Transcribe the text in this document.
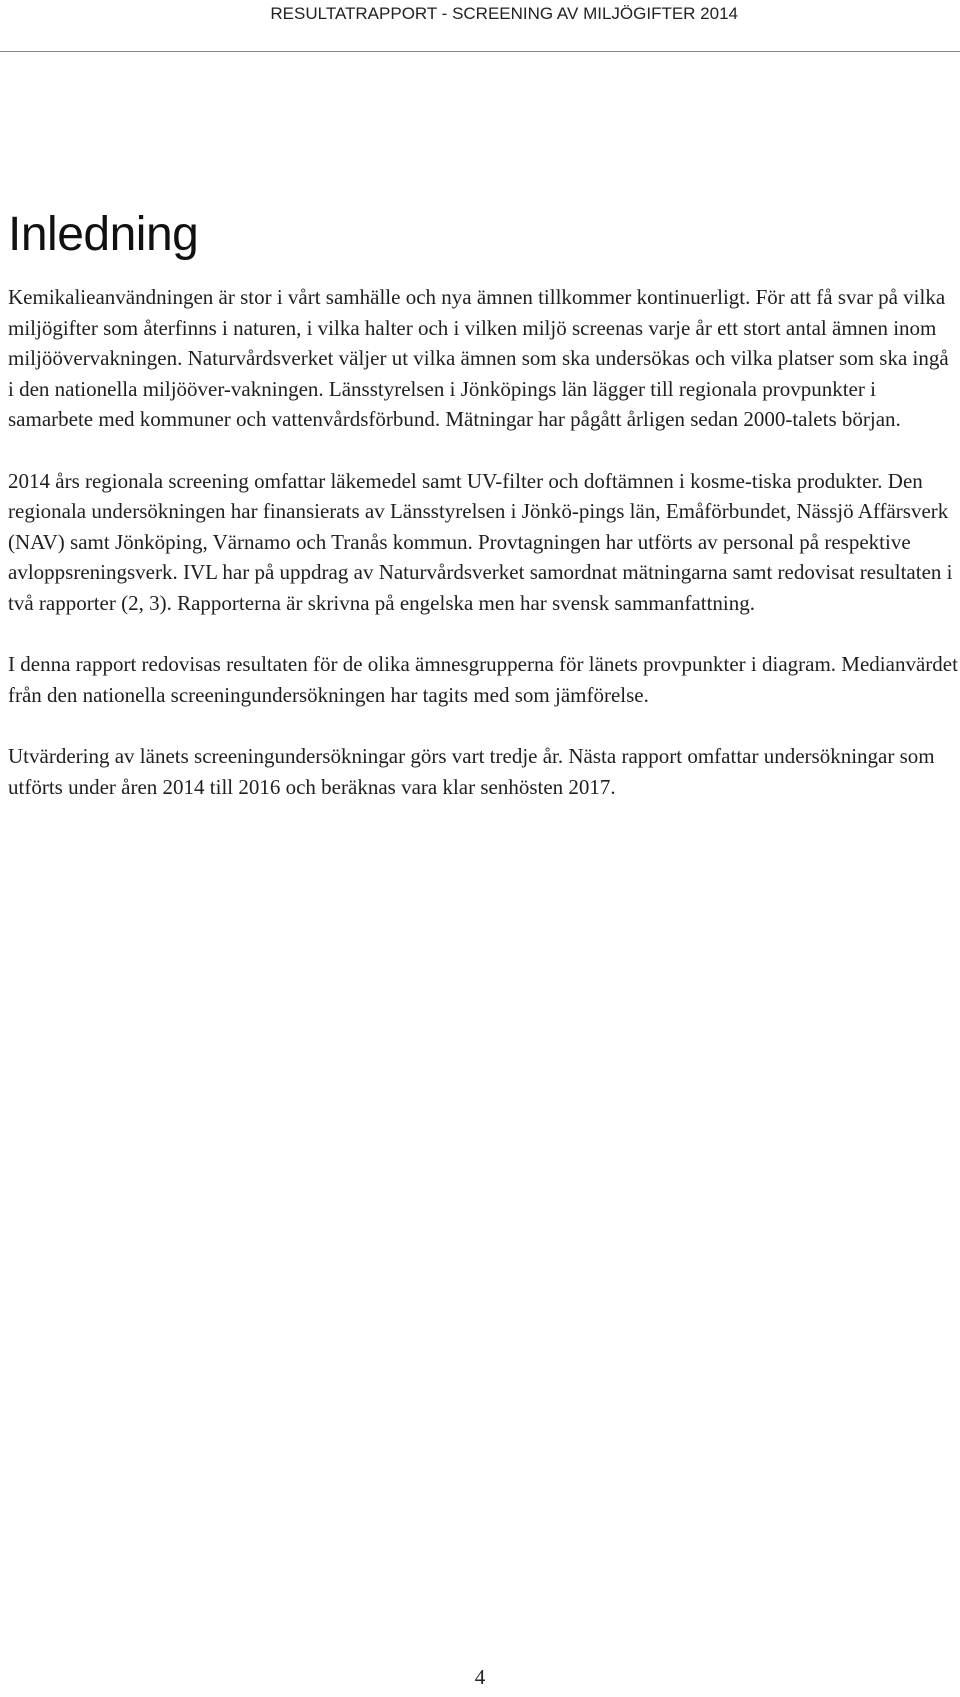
RESULTATRAPPORT - SCREENING AV MILJÖGIFTER 2014
Inledning

Kemikalieanvändningen är stor i vårt samhälle och nya ämnen tillkommer kontinuerligt. För att få svar på vilka miljögifter som återfinns i naturen, i vilka halter och i vilken miljö screenas varje år ett stort antal ämnen inom miljöövervakningen. Naturvårdsverket väljer ut vilka ämnen som ska undersökas och vilka platser som ska ingå i den nationella miljööver-vakningen. Länsstyrelsen i Jönköpings län lägger till regionala provpunkter i samarbete med kommuner och vattenvårdsförbund. Mätningar har pågått årligen sedan 2000-talets början.

2014 års regionala screening omfattar läkemedel samt UV-filter och doftämnen i kosme-tiska produkter. Den regionala undersökningen har finansierats av Länsstyrelsen i Jönkö-pings län, Emåförbundet, Nässjö Affärsverk (NAV) samt Jönköping, Värnamo och Tranås kommun. Provtagningen har utförts av personal på respektive avloppsreningsverk. IVL har på uppdrag av Naturvårdsverket samordnat mätningarna samt redovisat resultaten i två rapporter (2, 3). Rapporterna är skrivna på engelska men har svensk sammanfattning.

I denna rapport redovisas resultaten för de olika ämnesgrupperna för länets provpunkter i diagram. Medianvärdet från den nationella screeningundersökningen har tagits med som jämförelse.

Utvärdering av länets screeningundersökningar görs vart tredje år. Nästa rapport omfattar undersökningar som utförts under åren 2014 till 2016 och beräknas vara klar senhösten 2017.

4
